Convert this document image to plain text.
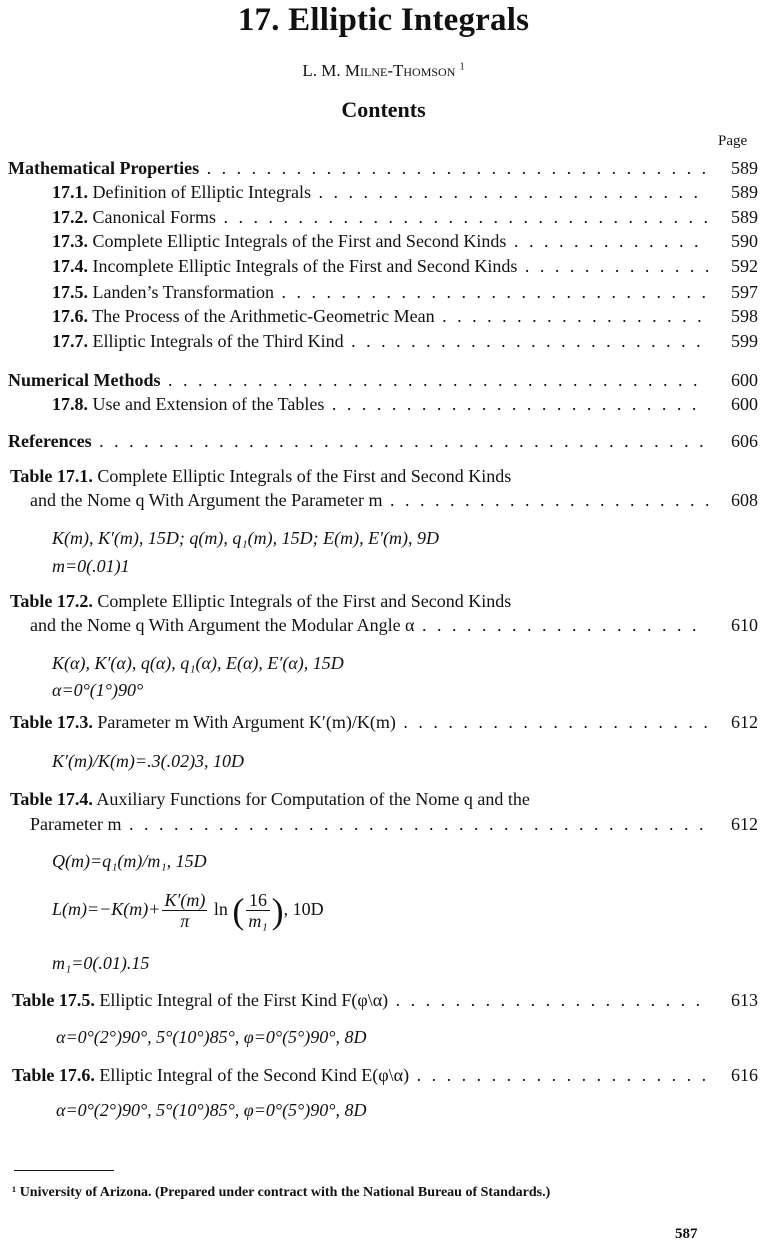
17. Elliptic Integrals
L. M. Milne-Thomson $^1$
Contents
Page
Mathematical Properties . . .	589
17.1. Definition of Elliptic Integrals . . .	589
17.2. Canonical Forms . . .	589
17.3. Complete Elliptic Integrals of the First and Second Kinds . . .	590
17.4. Incomplete Elliptic Integrals of the First and Second Kinds . . .	592
17.5. Landen’s Transformation . . .	597
17.6. The Process of the Arithmetic-Geometric Mean . . .	598
17.7. Elliptic Integrals of the Third Kind . . .	599
Numerical Methods . . .	600
17.8. Use and Extension of the Tables . . .	600
References . . .	606
Table 17.1. Complete Elliptic Integrals of the First and Second Kinds
and the Nome q With Argument the Parameter m . . .	608
K(m), K′(m), 15D; q(m), q₁(m), 15D; E(m), E′(m), 9D
m=0(.01)1
Table 17.2. Complete Elliptic Integrals of the First and Second Kinds
and the Nome q With Argument the Modular Angle α . . .	610
K(α), K′(α), q(α), q₁(α), E(α), E′(α), 15D
α=0°(1°)90°
Table 17.3. Parameter m With Argument K′(m)/K(m) . . .	612
K′(m)/K(m)=.3(.02)3, 10D
Table 17.4. Auxiliary Functions for Computation of the Nome q and the
Parameter m . . .	612
Q(m)=q₁(m)/m₁, 15D
$L(m)=-K(m)+ \frac{K'(m)}{\pi}$ ln ( $\frac{16}{\text{m₁}}$ ), 10D
m₁=0(.01).15
Table 17.5. Elliptic Integral of the First Kind F(φ\α) . . .	613
α=0°(2°)90°, 5°(10°)85°, φ=0°(5°)90°, 8D
Table 17.6. Elliptic Integral of the Second Kind E(φ\α) . . .	616
α=0°(2°)90°, 5°(10°)85°, φ=0°(5°)90°, 8D
¹ University of Arizona. (Prepared under contract with the National Bureau of Standards.)
587
